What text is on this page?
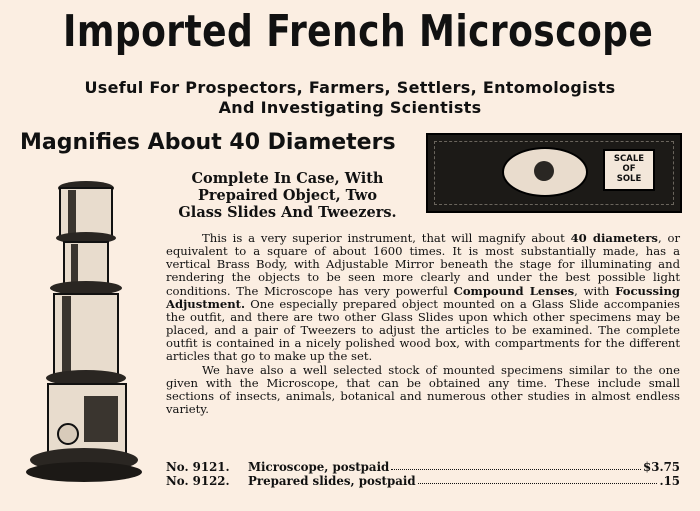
Imported French Microscope
Useful For Prospectors, Farmers, Settlers, Entomologists
And Investigating Scientists
Magnifies About 40 Diameters
Complete In Case, With
Prepaired Object, Two
Glass Slides And Tweezers.
SCALE
OF
SOLE

This is a very superior instrument, that will magnify about 40 diameters, or equivalent to a square of about 1600 times. It is most substantially made, has a vertical Brass Body, with Adjustable Mirror beneath the stage for illuminating and rendering the objects to be seen more clearly and under the best possible light conditions. The Microscope has very powerful Compound Lenses, with Focussing Adjustment. One especially prepared object mounted on a Glass Slide accompanies the outfit, and there are two other Glass Slides upon which other specimens may be placed, and a pair of Tweezers to adjust the articles to be examined. The complete outfit is contained in a nicely polished wood box, with compartments for the different articles that go to make up the set.

We have also a well selected stock of mounted specimens similar to the one given with the Microscope, that can be obtained any time. These include small sections of insects, animals, botanical and numerous other studies in almost endless variety.

No. 9121.	Microscope, postpaid	$3.75
No. 9122.	Prepared slides, postpaid	.15
